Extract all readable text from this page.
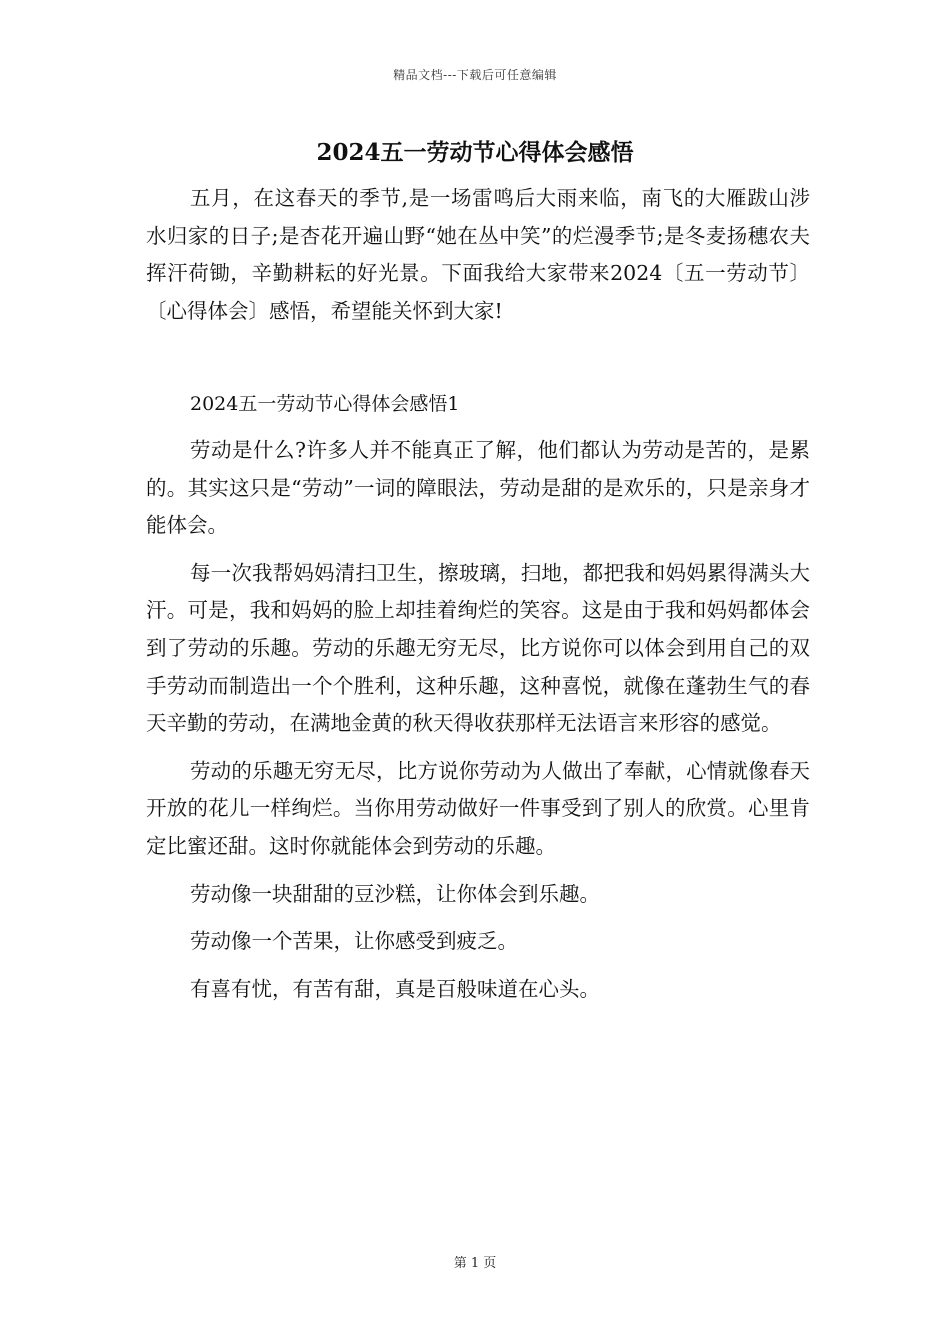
精品文档---下载后可任意编辑
2024五一劳动节心得体会感悟

五月，在这春天的季节,是一场雷鸣后大雨来临，南飞的大雁跋山涉水归家的日子;是杏花开遍山野“她在丛中笑”的烂漫季节;是冬麦扬穗农夫挥汗荷锄，辛勤耕耘的好光景。下面我给大家带来2024〔五一劳动节〕〔心得体会〕感悟，希望能关怀到大家!

2024五一劳动节心得体会感悟1

劳动是什么?许多人并不能真正了解，他们都认为劳动是苦的，是累的。其实这只是“劳动”一词的障眼法，劳动是甜的是欢乐的，只是亲身才能体会。

每一次我帮妈妈清扫卫生，擦玻璃，扫地，都把我和妈妈累得满头大汗。可是，我和妈妈的脸上却挂着绚烂的笑容。这是由于我和妈妈都体会到了劳动的乐趣。劳动的乐趣无穷无尽，比方说你可以体会到用自己的双手劳动而制造出一个个胜利，这种乐趣，这种喜悦，就像在蓬勃生气的春天辛勤的劳动，在满地金黄的秋天得收获那样无法语言来形容的感觉。

劳动的乐趣无穷无尽，比方说你劳动为人做出了奉献，心情就像春天开放的花儿一样绚烂。当你用劳动做好一件事受到了别人的欣赏。心里肯定比蜜还甜。这时你就能体会到劳动的乐趣。

劳动像一块甜甜的豆沙糕，让你体会到乐趣。

劳动像一个苦果，让你感受到疲乏。

有喜有忧，有苦有甜，真是百般味道在心头。

第 1 页
